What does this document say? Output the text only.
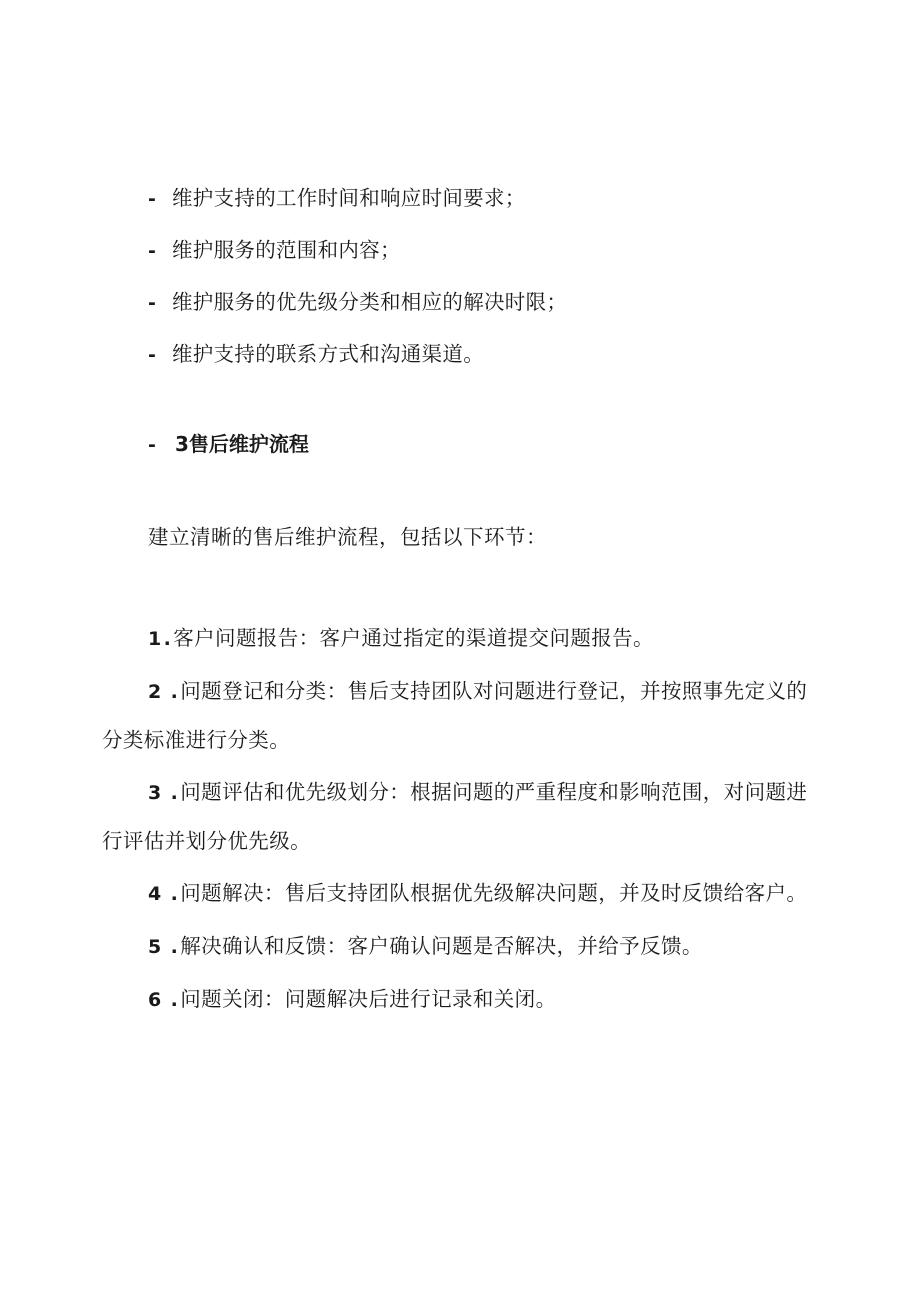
- 维护支持的工作时间和响应时间要求；
- 维护服务的范围和内容；
- 维护服务的优先级分类和相应的解决时限；
- 维护支持的联系方式和沟通渠道。
- 3售后维护流程
建立清晰的售后维护流程，包括以下环节：
1 .客户问题报告：客户通过指定的渠道提交问题报告。
2 .问题登记和分类：售后支持团队对问题进行登记，并按照事先定义的分类标准进行分类。
3 .问题评估和优先级划分：根据问题的严重程度和影响范围，对问题进行评估并划分优先级。
4 .问题解决：售后支持团队根据优先级解决问题，并及时反馈给客户。
5 .解决确认和反馈：客户确认问题是否解决，并给予反馈。
6 .问题关闭：问题解决后进行记录和关闭。
